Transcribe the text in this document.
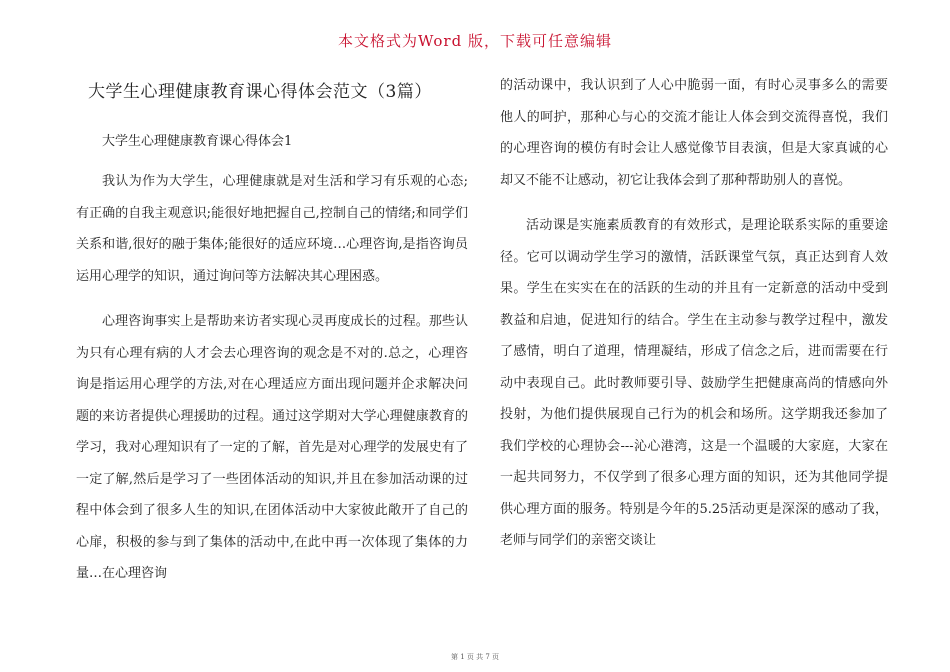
本文格式为Word 版，下载可任意编辑
大学生心理健康教育课心得体会范文（3篇）
大学生心理健康教育课心得体会1

我认为作为大学生，心理健康就是对生活和学习有乐观的心态;有正确的自我主观意识;能很好地把握自己,控制自己的情绪;和同学们关系和谐,很好的融于集体;能很好的适应环境…心理咨询,是指咨询员运用心理学的知识，通过询问等方法解决其心理困惑。

心理咨询事实上是帮助来访者实现心灵再度成长的过程。那些认为只有心理有病的人才会去心理咨询的观念是不对的.总之，心理咨询是指运用心理学的方法,对在心理适应方面出现问题并企求解决问题的来访者提供心理援助的过程。通过这学期对大学心理健康教育的学习，我对心理知识有了一定的了解，首先是对心理学的发展史有了一定了解,然后是学习了一些团体活动的知识,并且在参加活动课的过程中体会到了很多人生的知识,在团体活动中大家彼此敞开了自己的心扉，积极的参与到了集体的活动中,在此中再一次体现了集体的力量…在心理咨询

的活动课中，我认识到了人心中脆弱一面，有时心灵事多么的需要他人的呵护，那种心与心的交流才能让人体会到交流得喜悦，我们的心理咨询的模仿有时会让人感觉像节目表演，但是大家真诚的心却又不能不让感动，初它让我体会到了那种帮助别人的喜悦。

活动课是实施素质教育的有效形式，是理论联系实际的重要途径。它可以调动学生学习的激情，活跃课堂气氛，真正达到育人效果。学生在实实在在的活跃的生动的并且有一定新意的活动中受到教益和启迪，促进知行的结合。学生在主动参与教学过程中，激发了感情，明白了道理，情理凝结，形成了信念之后，进而需要在行动中表现自己。此时教师要引导、鼓励学生把健康高尚的情感向外投射，为他们提供展现自己行为的机会和场所。这学期我还参加了我们学校的心理协会---沁心港湾，这是一个温暖的大家庭，大家在一起共同努力，不仅学到了很多心理方面的知识，还为其他同学提供心理方面的服务。特别是今年的5.25活动更是深深的感动了我，老师与同学们的亲密交谈让

第 1 页 共 7 页
